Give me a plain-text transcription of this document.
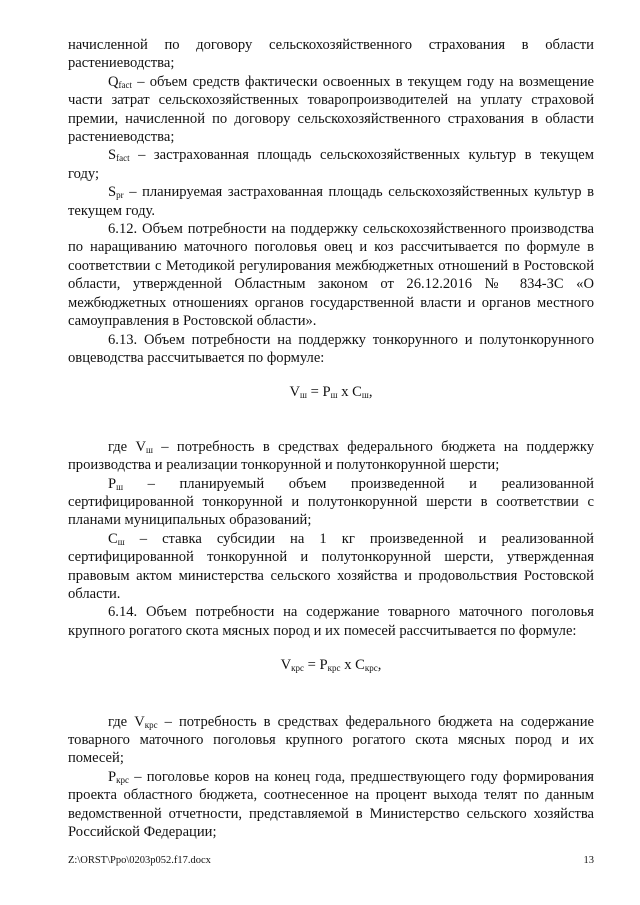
начисленной по договору сельскохозяйственного страхования в области растениеводства;

$Q_{fact}$ – объем средств фактически освоенных в текущем году на возмещение части затрат сельскохозяйственных товаропроизводителей на уплату страховой премии, начисленной по договору сельскохозяйственного страхования в области растениеводства;

$S_{fact}$ – застрахованная площадь сельскохозяйственных культур в текущем году;

$S_{pr}$ – планируемая застрахованная площадь сельскохозяйственных культур в текущем году.

6.12. Объем потребности на поддержку сельскохозяйственного производства по наращиванию маточного поголовья овец и коз рассчитывается по формуле в соответствии с Методикой регулирования межбюджетных отношений в Ростовской области, утвержденной Областным законом от 26.12.2016 № 834-ЗС «О межбюджетных отношениях органов государственной власти и органов местного самоуправления в Ростовской области».

6.13. Объем потребности на поддержку тонкорунного и полутонкорунного овцеводства рассчитывается по формуле:

$V_ш = P_ш$ х $C_ш$,

где $V_ш$ – потребность в средствах федерального бюджета на поддержку производства и реализации тонкорунной и полутонкорунной шерсти;

$P_ш$ – планируемый объем произведенной и реализованной сертифицированной тонкорунной и полутонкорунной шерсти в соответствии с планами муниципальных образований;

$C_ш$ – ставка субсидии на 1 кг произведенной и реализованной сертифицированной тонкорунной и полутонкорунной шерсти, утвержденная правовым актом министерства сельского хозяйства и продовольствия Ростовской области.

6.14. Объем потребности на содержание товарного маточного поголовья крупного рогатого скота мясных пород и их помесей рассчитывается по формуле:

$V_{крс} = P_{крс}$ х $C_{крс}$,

где $V_{крс}$ – потребность в средствах федерального бюджета на содержание товарного маточного поголовья крупного рогатого скота мясных пород и их помесей;

$P_{крс}$ – поголовье коров на конец года, предшествующего году формирования проекта областного бюджета, соотнесенное на процент выхода телят по данным ведомственной отчетности, представляемой в Министерство сельского хозяйства Российской Федерации;

Z:\ORST\Ppo\0203p052.f17.docx	13
